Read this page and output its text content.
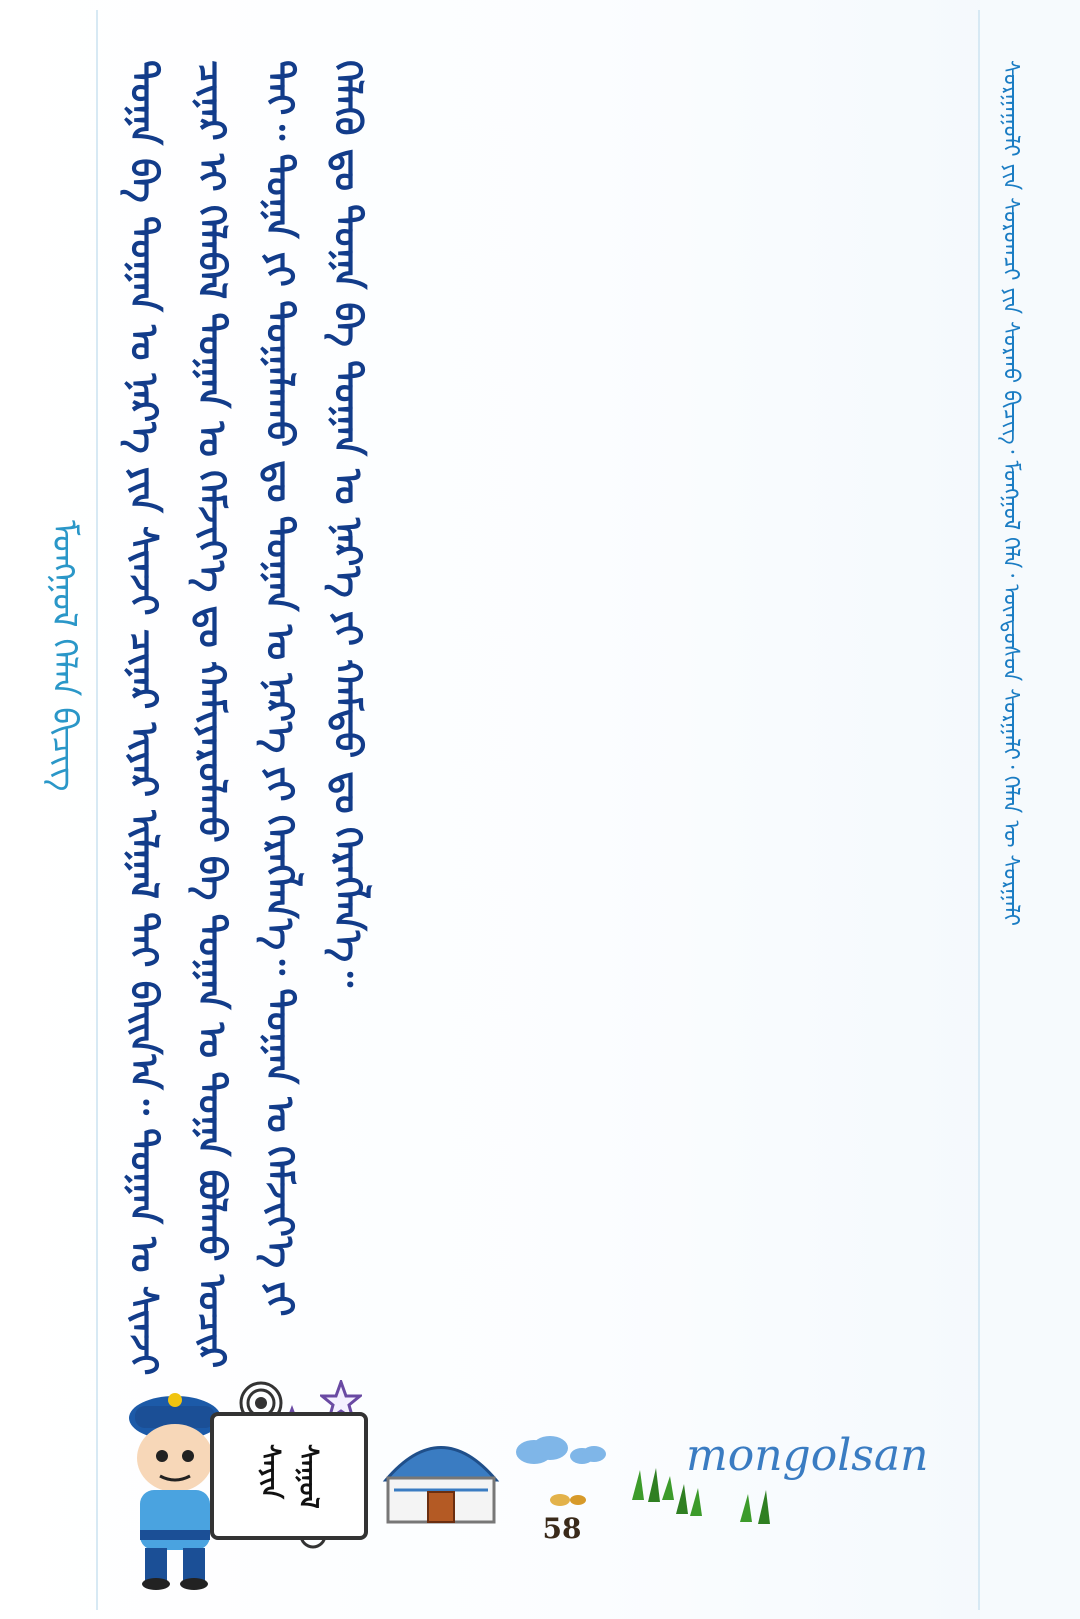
ᠮᠣᠩᠭᠣᠯ ᠬᠡᠯᠡᠨ ᠪᠢᠴᠢᠭ	ᠲᠣᠭᠠ ᠪᠠ ᠲᠣᠭᠠᠨ ᠤ ᠨᠡᠷ᠎ᠡ ᠶᠢᠨ ᠰᠢᠨᠵᠢ ᠴᠢᠨᠠᠷ ᠢᠶᠠᠷ ᠢᠯᠭᠠᠯ ᠲᠠᠢ ᠪᠠᠢᠨ᠎ᠠ᠃ ᠲᠣᠭᠠᠨ ᠤ ᠰᠢᠨᠵᠢ ᠴᠢᠨᠠᠷ ᠢ ᠬᠡᠯᠡᠪᠡᠯ ᠲᠣᠭᠠᠨ ᠤ ᠬᠡᠮᠵᠢᠶ᠎ᠡ ᠳᠤ ᠬᠠᠮᠢᠶᠠᠷᠤᠯᠬᠤ ᠪᠠ ᠲᠣᠭᠠᠨ ᠤ ᠲᠣᠭᠠ ᠪᠣᠯᠬᠤ ᠤᠴᠢᠷ ᠲᠠᠢ᠃ ᠲᠣᠭᠠ ᠶᠢ ᠲᠣᠭᠠᠯᠠᠬᠤ ᠳᠤ ᠲᠣᠭᠠᠨ ᠤ ᠨᠡᠷ᠎ᠡ ᠶᠢ ᠬᠡᠷᠡᠭᠯᠡᠨ᠎ᠡ᠃ ᠲᠣᠭᠠᠨ ᠤ ᠬᠡᠮᠵᠢᠶ᠎ᠡ ᠶᠢ ᠬᠡᠯᠡᠬᠦ ᠳᠤ ᠲᠣᠭᠠ ᠪᠠ ᠲᠣᠭᠠᠨ ᠤ ᠨᠡᠷ᠎ᠡ ᠶᠢ ᠬᠠᠮᠲᠤ ᠳᠤ ᠬᠡᠷᠡᠭᠯᠡᠨ᠎ᠡ᠃	ᠰᠤᠷᠭᠠᠭᠤᠯᠢ ᠶᠢᠨ ᠰᠤᠷᠤᠭᠴᠢ ᠶᠢᠨ ᠰᠤᠷᠬᠤ ᠪᠢᠴᠢᠭ᠂ ᠮᠣᠩᠭᠣᠯ ᠬᠡᠯᠡ᠂ ᠦᠨᠳᠦᠰᠦᠨ ᠰᠤᠷᠭᠠᠯᠢ᠂ ᠬᠡᠯᠡᠨ ᠦ ᠰᠤᠷᠭᠠᠯᠢ
ᠰᠠᠶᠢᠨ ᠰᠠᠭᠤᠯ
58
mongolsan
